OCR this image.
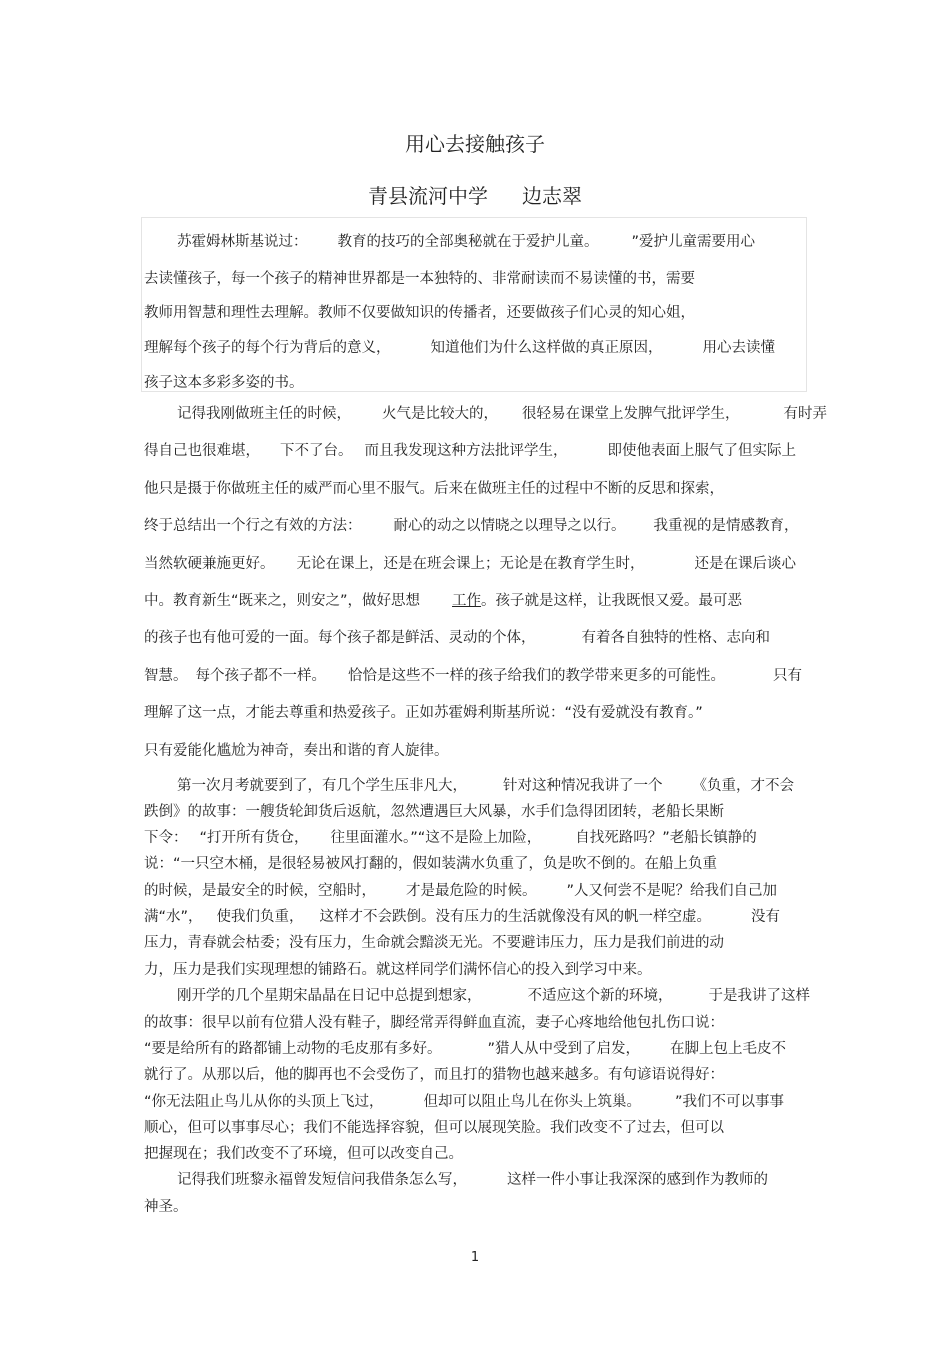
用心去接触孩子
青县流河中学 边志翠
苏霍姆林斯基说过： 教育的技巧的全部奥秘就在于爱护儿童。 ”爱护儿童需要用心
去读懂孩子，每一个孩子的精神世界都是一本独特的、非常耐读而不易读懂的书，需要
教师用智慧和理性去理解。教师不仅要做知识的传播者，还要做孩子们心灵的知心姐，
理解每个孩子的每个行为背后的意义，	知道他们为什么这样做的真正原因，	用心去读懂
孩子这本多彩多姿的书。
记得我刚做班主任的时候， 火气是比较大的， 很轻易在课堂上发脾气批评学生，	有时弄
得自己也很难堪， 下不了台。 而且我发现这种方法批评学生，	即使他表面上服气了但实际上
他只是摄于你做班主任的威严而心里不服气。后来在做班主任的过程中不断的反思和探索，
终于总结出一个行之有效的方法： 耐心的动之以情晓之以理导之以行。 我重视的是情感教育，
当然软硬兼施更好。 无论在课上，还是在班会课上；无论是在教育学生时，	还是在课后谈心
中。教育新生“既来之，则安之”，做好思想 工作。孩子就是这样，让我既恨又爱。最可恶
的孩子也有他可爱的一面。每个孩子都是鲜活、灵动的个体，	有着各自独特的性格、志向和
智慧。 每个孩子都不一样。 恰恰是这些不一样的孩子给我们的教学带来更多的可能性。	只有
理解了这一点，才能去尊重和热爱孩子。正如苏霍姆利斯基所说：“没有爱就没有教育。”
只有爱能化尴尬为神奇，奏出和谐的育人旋律。
第一次月考就要到了，有几个学生压非凡大， 针对这种情况我讲了一个 《负重，才不会
跌倒》的故事：一艘货轮卸货后返航，忽然遭遇巨大风暴，水手们急得团团转，老船长果断
下令： “打开所有货仓， 往里面灌水。”“这不是险上加险， 自找死路吗？”老船长镇静的
说：“一只空木桶，是很轻易被风打翻的，假如装满水负重了，负是吹不倒的。在船上负重
的时候，是最安全的时候，空船时， 才是最危险的时候。 ”人又何尝不是呢？给我们自己加
满“水”， 使我们负重， 这样才不会跌倒。没有压力的生活就像没有风的帆一样空虚。	没有
压力，青春就会枯委；没有压力，生命就会黯淡无光。不要避讳压力，压力是我们前进的动
力，压力是我们实现理想的铺路石。就这样同学们满怀信心的投入到学习中来。
刚开学的几个星期宋晶晶在日记中总提到想家，	不适应这个新的环境， 于是我讲了这样
的故事：很早以前有位猎人没有鞋子，脚经常弄得鲜血直流，妻子心疼地给他包扎伤口说：
“要是给所有的路都铺上动物的毛皮那有多好。	”猎人从中受到了启发， 在脚上包上毛皮不
就行了。从那以后，他的脚再也不会受伤了，而且打的猎物也越来越多。有句谚语说得好：
“你无法阻止鸟儿从你的头顶上飞过，	但却可以阻止鸟儿在你头上筑巢。 ”我们不可以事事
顺心，但可以事事尽心；我们不能选择容貌，但可以展现笑脸。我们改变不了过去，但可以
把握现在；我们改变不了环境，但可以改变自己。
记得我们班黎永福曾发短信问我借条怎么写，	这样一件小事让我深深的感到作为教师的
神圣。
1
